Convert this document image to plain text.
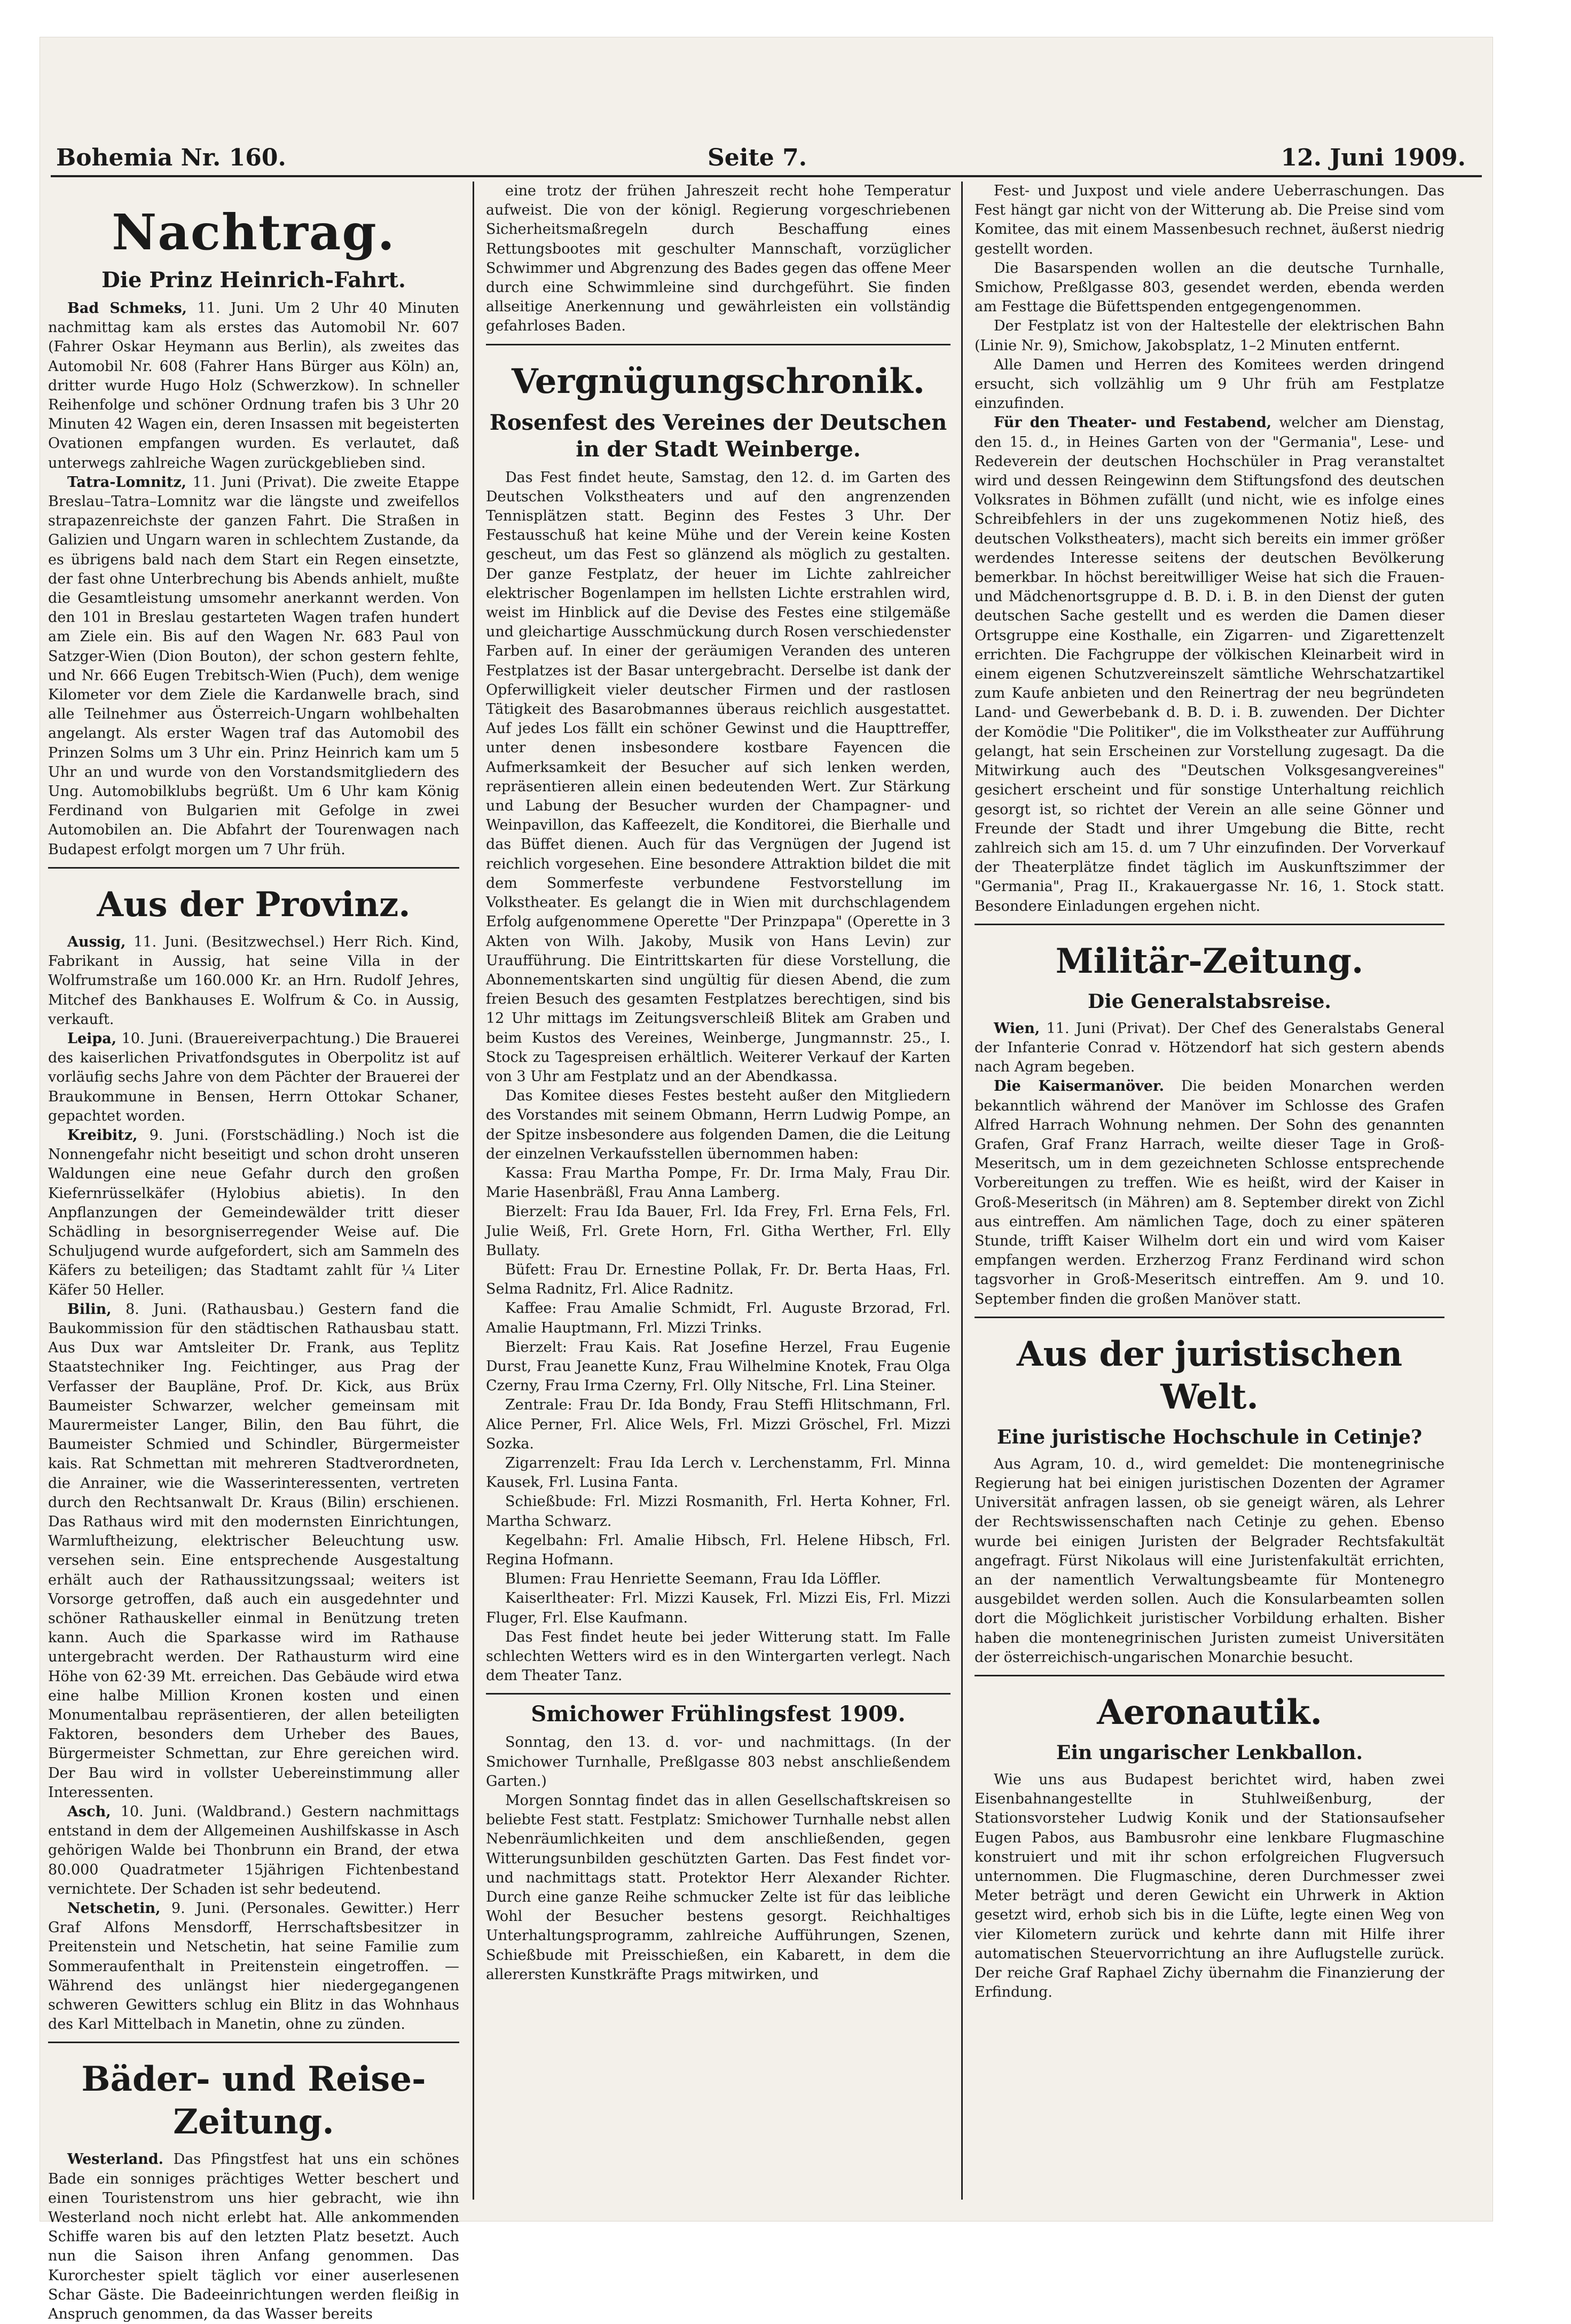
Bohemia Nr. 160.	Seite 7.	12. Juni 1909.
Nachtrag.
Die Prinz Heinrich-Fahrt.

Bad Schmeks, 11. Juni. Um 2 Uhr 40 Minuten nachmittag kam als erstes das Automobil Nr. 607 (Fahrer Oskar Heymann aus Berlin), als zweites das Automobil Nr. 608 (Fahrer Hans Bürger aus Köln) an, dritter wurde Hugo Holz (Schwerzkow). In schneller Reihenfolge und schöner Ordnung trafen bis 3 Uhr 20 Minuten 42 Wagen ein, deren Insassen mit begeisterten Ovationen empfangen wurden. Es verlautet, daß unterwegs zahlreiche Wagen zurückgeblieben sind.

Tatra-Lomnitz, 11. Juni (Privat). Die zweite Etappe Breslau–Tatra–Lomnitz war die längste und zweifellos strapazenreichste der ganzen Fahrt. Die Straßen in Galizien und Ungarn waren in schlechtem Zustande, da es übrigens bald nach dem Start ein Regen einsetzte, der fast ohne Unterbrechung bis Abends anhielt, mußte die Gesamtleistung umsomehr anerkannt werden. Von den 101 in Breslau gestarteten Wagen trafen hundert am Ziele ein. Bis auf den Wagen Nr. 683 Paul von Satzger-Wien (Dion Bouton), der schon gestern fehlte, und Nr. 666 Eugen Trebitsch-Wien (Puch), dem wenige Kilometer vor dem Ziele die Kardanwelle brach, sind alle Teilnehmer aus Österreich-Ungarn wohlbehalten angelangt. Als erster Wagen traf das Automobil des Prinzen Solms um 3 Uhr ein. Prinz Heinrich kam um 5 Uhr an und wurde von den Vorstandsmitgliedern des Ung. Automobilklubs begrüßt. Um 6 Uhr kam König Ferdinand von Bulgarien mit Gefolge in zwei Automobilen an. Die Abfahrt der Tourenwagen nach Budapest erfolgt morgen um 7 Uhr früh.

Aus der Provinz.

Aussig, 11. Juni. (Besitzwechsel.) Herr Rich. Kind, Fabrikant in Aussig, hat seine Villa in der Wolfrumstraße um 160.000 Kr. an Hrn. Rudolf Jehres, Mitchef des Bankhauses E. Wolfrum & Co. in Aussig, verkauft.

Leipa, 10. Juni. (Brauereiverpachtung.) Die Brauerei des kaiserlichen Privatfondsgutes in Oberpolitz ist auf vorläufig sechs Jahre von dem Pächter der Brauerei der Braukommune in Bensen, Herrn Ottokar Schaner, gepachtet worden.

Kreibitz, 9. Juni. (Forstschädling.) Noch ist die Nonnengefahr nicht beseitigt und schon droht unseren Waldungen eine neue Gefahr durch den großen Kiefernrüsselkäfer (Hylobius abietis). In den Anpflanzungen der Gemeindewälder tritt dieser Schädling in besorgniserregender Weise auf. Die Schuljugend wurde aufgefordert, sich am Sammeln des Käfers zu beteiligen; das Stadtamt zahlt für ¼ Liter Käfer 50 Heller.

Bilin, 8. Juni. (Rathausbau.) Gestern fand die Baukommission für den städtischen Rathausbau statt. Aus Dux war Amtsleiter Dr. Frank, aus Teplitz Staatstechniker Ing. Feichtinger, aus Prag der Verfasser der Baupläne, Prof. Dr. Kick, aus Brüx Baumeister Schwarzer, welcher gemeinsam mit Maurermeister Langer, Bilin, den Bau führt, die Baumeister Schmied und Schindler, Bürgermeister kais. Rat Schmettan mit mehreren Stadtverordneten, die Anrainer, wie die Wasserinteressenten, vertreten durch den Rechtsanwalt Dr. Kraus (Bilin) erschienen. Das Rathaus wird mit den modernsten Einrichtungen, Warmluftheizung, elektrischer Beleuchtung usw. versehen sein. Eine entsprechende Ausgestaltung erhält auch der Rathaussitzungssaal; weiters ist Vorsorge getroffen, daß auch ein ausgedehnter und schöner Rathauskeller einmal in Benützung treten kann. Auch die Sparkasse wird im Rathause untergebracht werden. Der Rathausturm wird eine Höhe von 62·39 Mt. erreichen. Das Gebäude wird etwa eine halbe Million Kronen kosten und einen Monumentalbau repräsentieren, der allen beteiligten Faktoren, besonders dem Urheber des Baues, Bürgermeister Schmettan, zur Ehre gereichen wird. Der Bau wird in vollster Uebereinstimmung aller Interessenten.

Asch, 10. Juni. (Waldbrand.) Gestern nachmittags entstand in dem der Allgemeinen Aushilfskasse in Asch gehörigen Walde bei Thonbrunn ein Brand, der etwa 80.000 Quadratmeter 15jährigen Fichtenbestand vernichtete. Der Schaden ist sehr bedeutend.

Netschetin, 9. Juni. (Personales. Gewitter.) Herr Graf Alfons Mensdorff, Herrschaftsbesitzer in Preitenstein und Netschetin, hat seine Familie zum Sommeraufenthalt in Preitenstein eingetroffen. — Während des unlängst hier niedergegangenen schweren Gewitters schlug ein Blitz in das Wohnhaus des Karl Mittelbach in Manetin, ohne zu zünden.

Bäder- und Reise-Zeitung.

Westerland. Das Pfingstfest hat uns ein schönes Bade ein sonniges prächtiges Wetter beschert und einen Touristenstrom uns hier gebracht, wie ihn Westerland noch nicht erlebt hat. Alle ankommenden Schiffe waren bis auf den letzten Platz besetzt. Auch nun die Saison ihren Anfang genommen. Das Kurorchester spielt täglich vor einer auserlesenen Schar Gäste. Die Badeeinrichtungen werden fleißig in Anspruch genommen, da das Wasser bereits

eine trotz der frühen Jahreszeit recht hohe Temperatur aufweist. Die von der königl. Regierung vorgeschriebenen Sicherheitsmaßregeln durch Beschaffung eines Rettungsbootes mit geschulter Mannschaft, vorzüglicher Schwimmer und Abgrenzung des Bades gegen das offene Meer durch eine Schwimmleine sind durchgeführt. Sie finden allseitige Anerkennung und gewährleisten ein vollständig gefahrloses Baden.

Vergnügungschronik.
Rosenfest des Vereines der Deutschen in der Stadt Weinberge.

Das Fest findet heute, Samstag, den 12. d. im Garten des Deutschen Volkstheaters und auf den angrenzenden Tennisplätzen statt. Beginn des Festes 3 Uhr. Der Festausschuß hat keine Mühe und der Verein keine Kosten gescheut, um das Fest so glänzend als möglich zu gestalten. Der ganze Festplatz, der heuer im Lichte zahlreicher elektrischer Bogenlampen im hellsten Lichte erstrahlen wird, weist im Hinblick auf die Devise des Festes eine stilgemäße und gleichartige Ausschmückung durch Rosen verschiedenster Farben auf. In einer der geräumigen Veranden des unteren Festplatzes ist der Basar untergebracht. Derselbe ist dank der Opferwilligkeit vieler deutscher Firmen und der rastlosen Tätigkeit des Basarobmannes überaus reichlich ausgestattet. Auf jedes Los fällt ein schöner Gewinst und die Haupttreffer, unter denen insbesondere kostbare Fayencen die Aufmerksamkeit der Besucher auf sich lenken werden, repräsentieren allein einen bedeutenden Wert. Zur Stärkung und Labung der Besucher wurden der Champagner- und Weinpavillon, das Kaffeezelt, die Konditorei, die Bierhalle und das Büffet dienen. Auch für das Vergnügen der Jugend ist reichlich vorgesehen. Eine besondere Attraktion bildet die mit dem Sommerfeste verbundene Festvorstellung im Volkstheater. Es gelangt die in Wien mit durchschlagendem Erfolg aufgenommene Operette "Der Prinzpapa" (Operette in 3 Akten von Wilh. Jakoby, Musik von Hans Levin) zur Uraufführung. Die Eintrittskarten für diese Vorstellung, die Abonnementskarten sind ungültig für diesen Abend, die zum freien Besuch des gesamten Festplatzes berechtigen, sind bis 12 Uhr mittags im Zeitungsverschleiß Blitek am Graben und beim Kustos des Vereines, Weinberge, Jungmannstr. 25., I. Stock zu Tagespreisen erhältlich. Weiterer Verkauf der Karten von 3 Uhr am Festplatz und an der Abendkassa.

Das Komitee dieses Festes besteht außer den Mitgliedern des Vorstandes mit seinem Obmann, Herrn Ludwig Pompe, an der Spitze insbesondere aus folgenden Damen, die die Leitung der einzelnen Verkaufsstellen übernommen haben:

Kassa: Frau Martha Pompe, Fr. Dr. Irma Maly, Frau Dir. Marie Hasenbräßl, Frau Anna Lamberg.

Bierzelt: Frau Ida Bauer, Frl. Ida Frey, Frl. Erna Fels, Frl. Julie Weiß, Frl. Grete Horn, Frl. Githa Werther, Frl. Elly Bullaty.

Büfett: Frau Dr. Ernestine Pollak, Fr. Dr. Berta Haas, Frl. Selma Radnitz, Frl. Alice Radnitz.

Kaffee: Frau Amalie Schmidt, Frl. Auguste Brzorad, Frl. Amalie Hauptmann, Frl. Mizzi Trinks.

Bierzelt: Frau Kais. Rat Josefine Herzel, Frau Eugenie Durst, Frau Jeanette Kunz, Frau Wilhelmine Knotek, Frau Olga Czerny, Frau Irma Czerny, Frl. Olly Nitsche, Frl. Lina Steiner.

Zentrale: Frau Dr. Ida Bondy, Frau Steffi Hlitschmann, Frl. Alice Perner, Frl. Alice Wels, Frl. Mizzi Gröschel, Frl. Mizzi Sozka.

Zigarrenzelt: Frau Ida Lerch v. Lerchenstamm, Frl. Minna Kausek, Frl. Lusina Fanta.

Schießbude: Frl. Mizzi Rosmanith, Frl. Herta Kohner, Frl. Martha Schwarz.

Kegelbahn: Frl. Amalie Hibsch, Frl. Helene Hibsch, Frl. Regina Hofmann.

Blumen: Frau Henriette Seemann, Frau Ida Löffler.

Kaiserltheater: Frl. Mizzi Kausek, Frl. Mizzi Eis, Frl. Mizzi Fluger, Frl. Else Kaufmann.

Das Fest findet heute bei jeder Witterung statt. Im Falle schlechten Wetters wird es in den Wintergarten verlegt. Nach dem Theater Tanz.

Smichower Frühlingsfest 1909.

Sonntag, den 13. d. vor- und nachmittags. (In der Smichower Turnhalle, Preßlgasse 803 nebst anschließendem Garten.)

Morgen Sonntag findet das in allen Gesellschaftskreisen so beliebte Fest statt. Festplatz: Smichower Turnhalle nebst allen Nebenräumlichkeiten und dem anschließenden, gegen Witterungsunbilden geschützten Garten. Das Fest findet vor- und nachmittags statt. Protektor Herr Alexander Richter. Durch eine ganze Reihe schmucker Zelte ist für das leibliche Wohl der Besucher bestens gesorgt. Reichhaltiges Unterhaltungsprogramm, zahlreiche Aufführungen, Szenen, Schießbude mit Preisschießen, ein Kabarett, in dem die allerersten Kunstkräfte Prags mitwirken, und

Fest- und Juxpost und viele andere Ueberraschungen. Das Fest hängt gar nicht von der Witterung ab. Die Preise sind vom Komitee, das mit einem Massenbesuch rechnet, äußerst niedrig gestellt worden.

Die Basarspenden wollen an die deutsche Turnhalle, Smichow, Preßlgasse 803, gesendet werden, ebenda werden am Festtage die Büfettspenden entgegengenommen.

Der Festplatz ist von der Haltestelle der elektrischen Bahn (Linie Nr. 9), Smichow, Jakobsplatz, 1–2 Minuten entfernt.

Alle Damen und Herren des Komitees werden dringend ersucht, sich vollzählig um 9 Uhr früh am Festplatze einzufinden.

Für den Theater- und Festabend, welcher am Dienstag, den 15. d., in Heines Garten von der "Germania", Lese- und Redeverein der deutschen Hochschüler in Prag veranstaltet wird und dessen Reingewinn dem Stiftungsfond des deutschen Volksrates in Böhmen zufällt (und nicht, wie es infolge eines Schreibfehlers in der uns zugekommenen Notiz hieß, des deutschen Volkstheaters), macht sich bereits ein immer größer werdendes Interesse seitens der deutschen Bevölkerung bemerkbar. In höchst bereitwilliger Weise hat sich die Frauen- und Mädchenortsgruppe d. B. D. i. B. in den Dienst der guten deutschen Sache gestellt und es werden die Damen dieser Ortsgruppe eine Kosthalle, ein Zigarren- und Zigarettenzelt errichten. Die Fachgruppe der völkischen Kleinarbeit wird in einem eigenen Schutzvereinszelt sämtliche Wehrschatzartikel zum Kaufe anbieten und den Reinertrag der neu begründeten Land- und Gewerbebank d. B. D. i. B. zuwenden. Der Dichter der Komödie "Die Politiker", die im Volkstheater zur Aufführung gelangt, hat sein Erscheinen zur Vorstellung zugesagt. Da die Mitwirkung auch des "Deutschen Volksgesangvereines" gesichert erscheint und für sonstige Unterhaltung reichlich gesorgt ist, so richtet der Verein an alle seine Gönner und Freunde der Stadt und ihrer Umgebung die Bitte, recht zahlreich sich am 15. d. um 7 Uhr einzufinden. Der Vorverkauf der Theaterplätze findet täglich im Auskunftszimmer der "Germania", Prag II., Krakauergasse Nr. 16, 1. Stock statt. Besondere Einladungen ergehen nicht.

Militär-Zeitung.
Die Generalstabsreise.

Wien, 11. Juni (Privat). Der Chef des Generalstabs General der Infanterie Conrad v. Hötzendorf hat sich gestern abends nach Agram begeben.

Die Kaisermanöver. Die beiden Monarchen werden bekanntlich während der Manöver im Schlosse des Grafen Alfred Harrach Wohnung nehmen. Der Sohn des genannten Grafen, Graf Franz Harrach, weilte dieser Tage in Groß-Meseritsch, um in dem gezeichneten Schlosse entsprechende Vorbereitungen zu treffen. Wie es heißt, wird der Kaiser in Groß-Meseritsch (in Mähren) am 8. September direkt von Zichl aus eintreffen. Am nämlichen Tage, doch zu einer späteren Stunde, trifft Kaiser Wilhelm dort ein und wird vom Kaiser empfangen werden. Erzherzog Franz Ferdinand wird schon tagsvorher in Groß-Meseritsch eintreffen. Am 9. und 10. September finden die großen Manöver statt.

Aus der juristischen Welt.
Eine juristische Hochschule in Cetinje?

Aus Agram, 10. d., wird gemeldet: Die montenegrinische Regierung hat bei einigen juristischen Dozenten der Agramer Universität anfragen lassen, ob sie geneigt wären, als Lehrer der Rechtswissenschaften nach Cetinje zu gehen. Ebenso wurde bei einigen Juristen der Belgrader Rechtsfakultät angefragt. Fürst Nikolaus will eine Juristenfakultät errichten, an der namentlich Verwaltungsbeamte für Montenegro ausgebildet werden sollen. Auch die Konsularbeamten sollen dort die Möglichkeit juristischer Vorbildung erhalten. Bisher haben die montenegrinischen Juristen zumeist Universitäten der österreichisch-ungarischen Monarchie besucht.

Aeronautik.
Ein ungarischer Lenkballon.

Wie uns aus Budapest berichtet wird, haben zwei Eisenbahnangestellte in Stuhlweißenburg, der Stationsvorsteher Ludwig Konik und der Stationsaufseher Eugen Pabos, aus Bambusrohr eine lenkbare Flugmaschine konstruiert und mit ihr schon erfolgreichen Flugversuch unternommen. Die Flugmaschine, deren Durchmesser zwei Meter beträgt und deren Gewicht ein Uhrwerk in Aktion gesetzt wird, erhob sich bis in die Lüfte, legte einen Weg von vier Kilometern zurück und kehrte dann mit Hilfe ihrer automatischen Steuervorrichtung an ihre Auflugstelle zurück. Der reiche Graf Raphael Zichy übernahm die Finanzierung der Erfindung.
